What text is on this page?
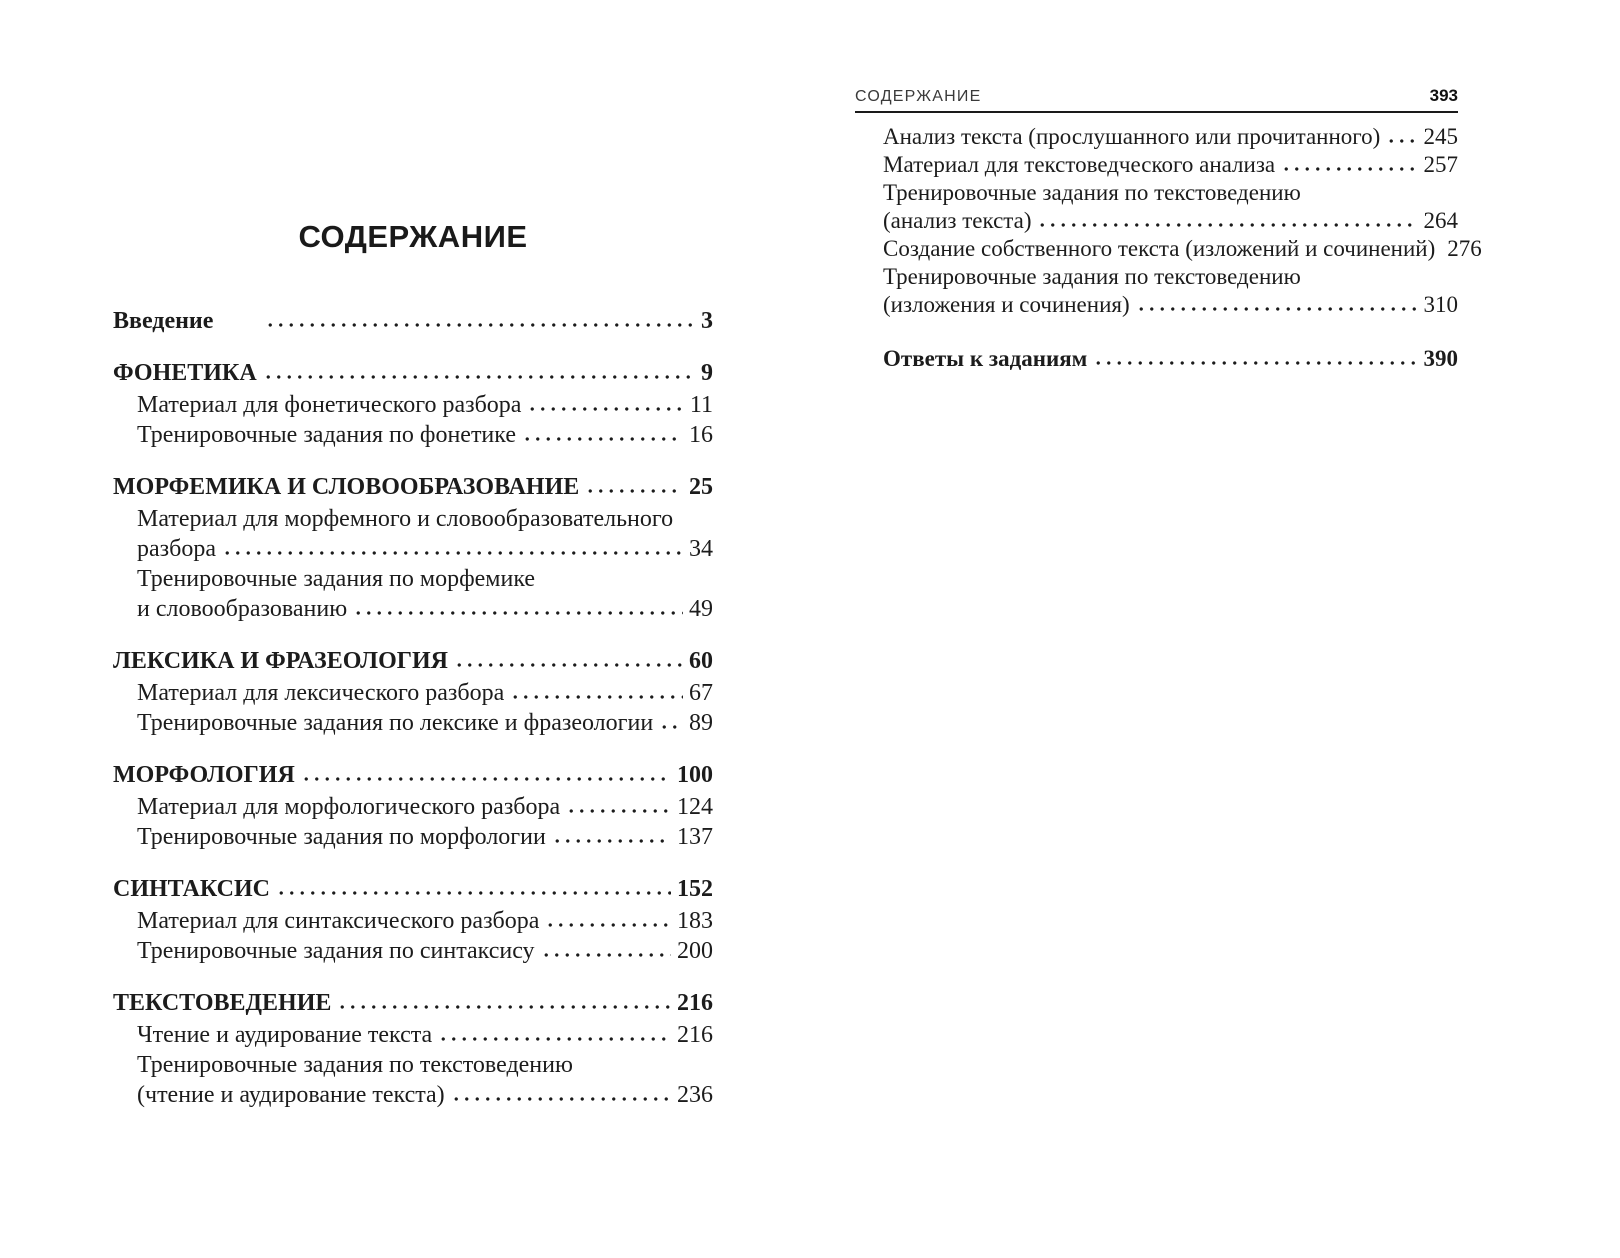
СОДЕРЖАНИЕ
Введение	3
ФОНЕТИКА	9
Материал для фонетического разбора	11
Тренировочные задания по фонетике	16
МОРФЕМИКА И СЛОВООБРАЗОВАНИЕ	25
Материал для морфемного и словообразовательного
разбора	34
Тренировочные задания по морфемике
и словообразованию	49
ЛЕКСИКА И ФРАЗЕОЛОГИЯ	60
Материал для лексического разбора	67
Тренировочные задания по лексике и фразеологии 89
МОРФОЛОГИЯ	100
Материал для морфологического разбора	124
Тренировочные задания по морфологии	137
СИНТАКСИС	152
Материал для синтаксического разбора	183
Тренировочные задания по синтаксису	200
ТЕКСТОВЕДЕНИЕ	216
Чтение и аудирование текста	216
Тренировочные задания по текстоведению
(чтение и аудирование текста)	236
СОДЕРЖАНИЕ	393
Анализ текста (прослушанного или прочитанного) 245
Материал для текстоведческого анализа	257
Тренировочные задания по текстоведению
(анализ текста)	264
Создание собственного текста (изложений и сочинений) 276
Тренировочные задания по текстоведению
(изложения и сочинения)	310
Ответы к заданиям	390
